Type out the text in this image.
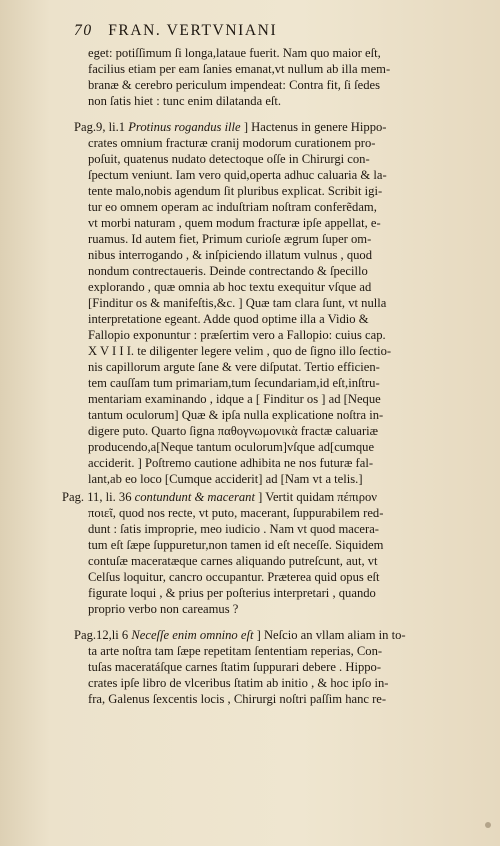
70 FRAN. VERTVNIANI
eget: potiſſimum ſi longa,lataue fuerit. Nam quo maior eſt,
facilius etiam per eam ſanies emanat,vt nullum ab illa mem-
branæ & cerebro periculum impendeat: Contra fit, ſi ſedes
non ſatis hiet : tunc enim dilatanda eſt.
Pag.9, li.1 Protinus rogandus ille ] Hactenus in genere Hippo-
crates omnium fracturæ cranij modorum curationem pro-
poſuit, quatenus nudato detectoque oſſe in Chirurgi con-
ſpectum veniunt. Iam vero quid,operta adhuc caluaria & la-
tente malo,nobis agendum ſit pluribus explicat. Scribit igi-
tur eo omnem operam ac induſtriam noſtram conferẽdam,
vt morbi naturam , quem modum fracturæ ipſe appellat, e-
ruamus. Id autem fiet, Primum curioſe ægrum ſuper om-
nibus interrogando , & inſpiciendo illatum vulnus , quod
nondum contrectaueris. Deinde contrectando & ſpecillo
explorando , quæ omnia ab hoc textu exequitur vſque ad
[Finditur os & manifeſtis,&c. ] Quæ tam clara ſunt, vt nulla
interpretatione egeant. Adde quod optime illa a Vidio &
Fallopio exponuntur : præſertim vero a Fallopio: cuius cap.
X V I I I. te diligenter legere velim , quo de ſigno illo ſectio-
nis capillorum argute ſane & vere diſputat. Tertio efficien-
tem cauſſam tum primariam,tum ſecundariam,id eſt,inſtru-
mentariam examinando , idque a [ Finditur os ] ad [Neque
tantum oculorum] Quæ & ipſa nulla explicatione noſtra in-
digere puto. Quarto ſigna παθογνωμονικὰ fractæ caluariæ
producendo,a[Neque tantum oculorum]vſque ad[cumque
acciderit. ] Poſtremo cautione adhibita ne nos futuræ fal-
lant,ab eo loco [Cumque acciderit] ad [Nam vt a telis.]
Pag. 11, li. 36 contundunt & macerant ] Vertit quidam πέπιρον
ποιεῖ, quod nos recte, vt puto, macerant, ſuppurabilem red-
dunt : ſatis improprie, meo iudicio . Nam vt quod macera-
tum eſt ſæpe ſuppuretur,non tamen id eſt neceſſe. Siquidem
contuſæ maceratæque carnes aliquando putreſcunt, aut, vt
Celſus loquitur, cancro occupantur. Præterea quid opus eſt
figurate loqui , & prius per poſterius interpretari , quando
proprio verbo non careamus ?
Pag.12,li 6 Neceſſe enim omnino eſt ] Neſcio an vllam aliam in to-
ta arte noſtra tam ſæpe repetitam ſententiam reperias, Con-
tuſas maceratáſque carnes ſtatim ſuppurari debere . Hippo-
crates ipſe libro de vlceribus ſtatim ab initio , & hoc ipſo in-
fra, Galenus ſexcentis locis , Chirurgi noſtri paſſim hanc re-
